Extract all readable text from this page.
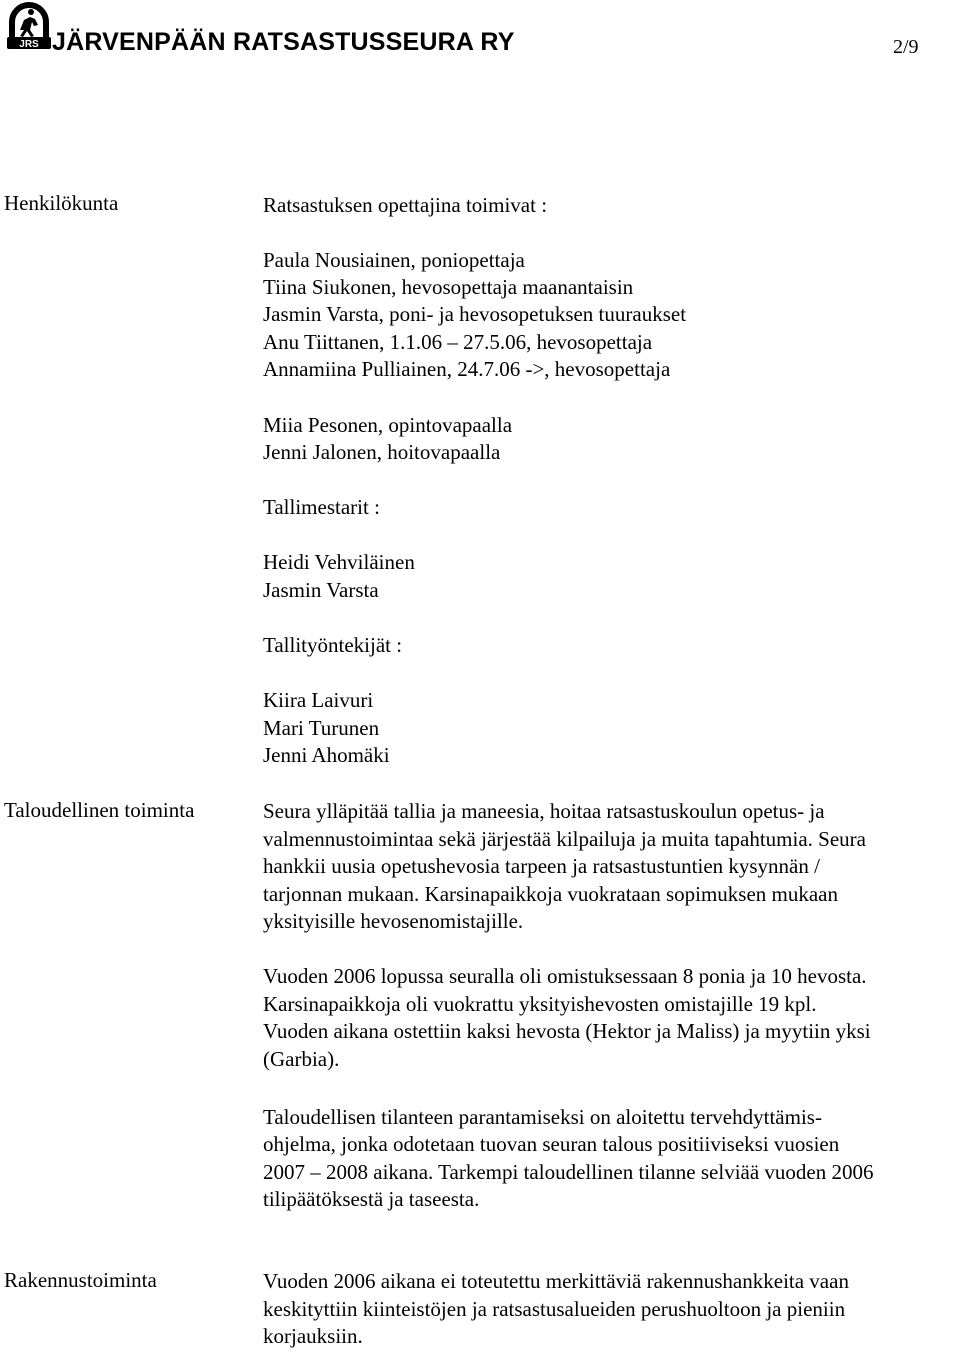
JRS JÄRVENPÄÄN RATSASTUSSEURA RY	2/9
Henkilökunta	Ratsastuksen opettajina toimivat :
Paula Nousiainen, poniopettaja
Tiina Siukonen, hevosopettaja maanantaisin
Jasmin Varsta, poni- ja hevosopetuksen tuuraukset
Anu Tiittanen, 1.1.06 – 27.5.06, hevosopettaja
Annamiina Pulliainen, 24.7.06 ->, hevosopettaja
Miia Pesonen, opintovapaalla
Jenni Jalonen, hoitovapaalla
Tallimestarit :
Heidi Vehviläinen
Jasmin Varsta
Tallityöntekijät :
Kiira Laivuri
Mari Turunen
Jenni Ahomäki
Taloudellinen toiminta	Seura ylläpitää tallia ja maneesia, hoitaa ratsastuskoulun opetus- ja
valmennustoimintaa sekä järjestää kilpailuja ja muita tapahtumia. Seura
hankkii uusia opetushevosia tarpeen ja ratsastustuntien kysynnän /
tarjonnan mukaan. Karsinapaikkoja vuokrataan sopimuksen mukaan
yksityisille hevosenomistajille.
Vuoden 2006 lopussa seuralla oli omistuksessaan 8 ponia ja 10 hevosta.
Karsinapaikkoja oli vuokrattu yksityishevosten omistajille 19 kpl.
Vuoden aikana ostettiin kaksi hevosta (Hektor ja Maliss) ja myytiin yksi
(Garbia).
Taloudellisen tilanteen parantamiseksi on aloitettu tervehdyttämis-
ohjelma, jonka odotetaan tuovan seuran talous positiiviseksi vuosien
2007 – 2008 aikana. Tarkempi taloudellinen tilanne selviää vuoden 2006
tilipäätöksestä ja taseesta.
Rakennustoiminta	Vuoden 2006 aikana ei toteutettu merkittäviä rakennushankkeita vaan
keskityttiin kiinteistöjen ja ratsastusalueiden perushuoltoon ja pieniin
korjauksiin.
